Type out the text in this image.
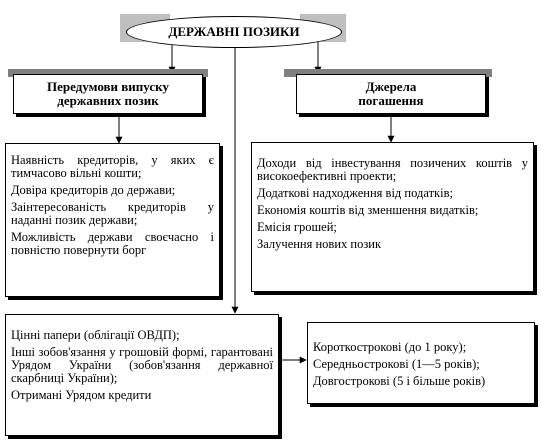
ДЕРЖАВНІ ПОЗИКИ
Передумови випуску
державних позик
Джерела
погашення

Наявність кредиторів, у яких є тимчасово вільні кошти;

Довіра кредиторів до держави;

Заінтересованість кредиторів у наданні позик держави;

Можливість держави своєчасно і повністю повернути борг

Доходи від інвестування позичених коштів у високоефективні проекти;

Додаткові надходження від податків;

Економія коштів від зменшення видатків;

Емісія грошей;

Залучення нових позик

Цінні папери (облігації ОВДП);

Інші зобов'язання у грошовій формі, гарантовані Урядом України (зобов'язання державної скарбниці України);

Отримані Урядом кредити

Короткострокові (до 1 року);

Середньострокові (1—5 років);

Довгострокові (5 і більше років)
